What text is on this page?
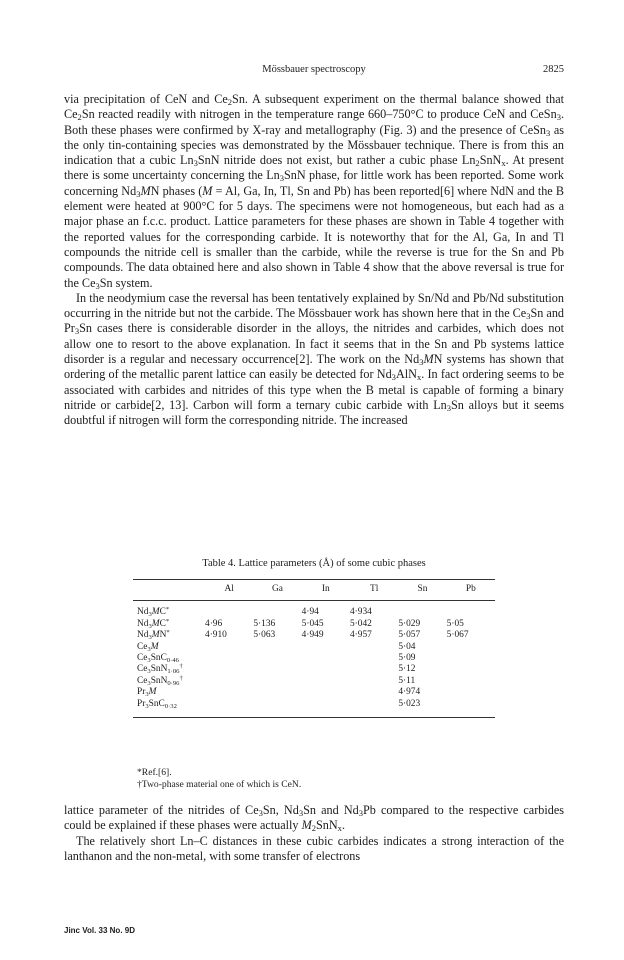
Mössbauer spectroscopy	2825

via precipitation of CeN and $Ce_2Sn$. A subsequent experiment on the thermal balance showed that $Ce_2Sn$ reacted readily with nitrogen in the temperature range 660–750°C to produce CeN and CeSn$_3$. Both these phases were confirmed by X-ray and metallography (Fig. 3) and the presence of CeSn$_3$ as the only tin-containing species was demonstrated by the Mössbauer technique. There is from this an indication that a cubic $Ln_3SnN$ nitride does not exist, but rather a cubic phase $Ln_2SnN_x$. At present there is some uncertainty concerning the $Ln_3SnN$ phase, for little work has been reported. Some work concerning $Nd_3MN$ phases (M = Al, Ga, In, Tl, Sn and Pb) has been reported[6] where NdN and the B element were heated at 900°C for 5 days. The specimens were not homogeneous, but each had as a major phase an f.c.c. product. Lattice parameters for these phases are shown in Table 4 together with the reported values for the corresponding carbide. It is noteworthy that for the Al, Ga, In and Tl compounds the nitride cell is smaller than the carbide, while the reverse is true for the Sn and Pb compounds. The data obtained here and also shown in Table 4 show that the above reversal is true for the $Ce_3Sn$ system.

In the neodymium case the reversal has been tentatively explained by Sn/Nd and Pb/Nd substitution occurring in the nitride but not the carbide. The Mössbauer work has shown here that in the $Ce_3Sn$ and $Pr_3Sn$ cases there is considerable disorder in the alloys, the nitrides and carbides, which does not allow one to resort to the above explanation. In fact it seems that in the Sn and Pb systems lattice disorder is a regular and necessary occurrence[2]. The work on the $Nd_3MN$ systems has shown that ordering of the metallic parent lattice can easily be detected for $Nd_3AlN_x$. In fact ordering seems to be associated with carbides and nitrides of this type when the B metal is capable of forming a binary nitride or carbide[2, 13]. Carbon will form a ternary cubic carbide with $Ln_3Sn$ alloys but it seems doubtful if nitrogen will form the corresponding nitride. The increased

Table 4. Lattice parameters (Å) of some cubic phases
	Al	Ga	In	Tl	Sn	Pb
$Nd_3MC^*$			4·94	4·934		
$Nd_3MC^*$	4·96	5·136	5·045	5·042	5·029	5·05
$Nd_3MN^*$	4·910	5·063	4·949	4·957	5·057	5·067
$Ce_3M$					5·04	
$Ce_3SnC_{0\cdot 46}$					5·09	
$Ce_3SnN_{1\cdot 06}^\dagger$					5·12	
$Ce_3SnN_{0\cdot 96}^\dagger$					5·11	
$Pr_3M$					4·974	
$Pr_3SnC_{0\cdot 32}$					5·023	
*Ref.[6].
†Two-phase material one of which is CeN.

lattice parameter of the nitrides of $Ce_3Sn$, $Nd_3Sn$ and $Nd_3Pb$ compared to the respective carbides could be explained if these phases were actually $M_2SnN_x$.

The relatively short Ln–C distances in these cubic carbides indicates a strong interaction of the lanthanon and the non-metal, with some transfer of electrons

Jinc Vol. 33 No. 9D
